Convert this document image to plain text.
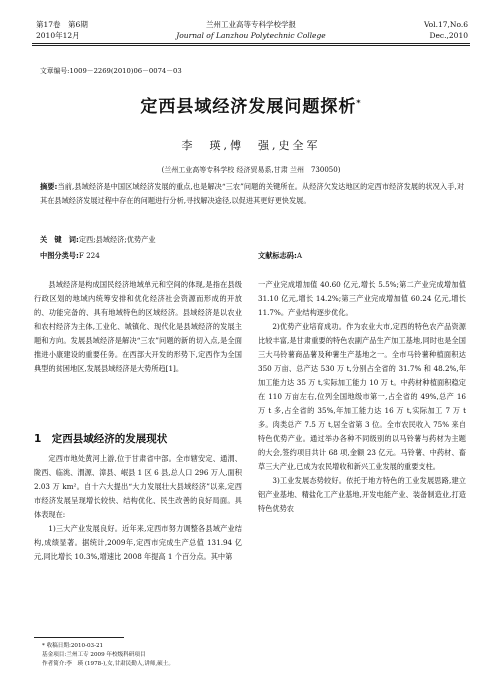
第17卷　第6期
2010年12月
兰州工业高等专科学校学报
Journal of Lanzhou Polytechnic College
Vol.17,No.6
Dec.,2010
文章编号:1009－2269(2010)06－0074－03
定西县域经济发展问题探析*
李　瑛,傅　强,史全军
(兰州工业高等专科学校 经济贸易系,甘肃 兰州　730050)
摘要:当前,县域经济是中国区域经济发展的重点,也是解决“三农”问题的关键所在。从经济欠发达地区的定西市经济发展的状况入手,对其在县域经济发展过程中存在的问题进行分析,寻找解决途径,以促进其更好更快发展。
关　键　词:定西;县域经济;优势产业
中图分类号:F 224	文献标志码:A

县域经济是构成国民经济地域单元和空间的体现,是指在县级行政区划的地域内统筹安排和优化经济社会资源而形成的开放的、功能完备的、具有地域特色的区域经济。县域经济是以农业和农村经济为主体,工业化、城镇化、现代化是县域经济的发展主题和方向。发展县域经济是解决“三农”问题的新的切入点,是全面推进小康建设的重要任务。在西部大开发的形势下,定西作为全国典型的贫困地区,发展县域经济是大势所趋[1]。

1　定西县域经济的发展现状

定西市地处黄河上游,位于甘肃省中部。全市辖安定、通渭、陇西、临洮、渭源、漳县、岷县 1 区 6 县,总人口 296 万人,面积 2.03 万 km²。自十六大提出“大力发展壮大县域经济”以来,定西市经济发展呈现增长较快、结构优化、民生改善的良好局面。具体表现在:

1)三大产业发展良好。近年来,定西市努力调整各县域产业结构,成绩显著。据统计,2009年,定西市完成生产总值 131.94 亿元,同比增长 10.3%,增速比 2008 年提高 1 个百分点。其中第

一产业完成增加值 40.60 亿元,增长 5.5%;第二产业完成增加值 31.10 亿元,增长 14.2%;第三产业完成增加值 60.24 亿元,增长 11.7%。产业结构逐步优化。

2)优势产业培育成功。作为农业大市,定西的特色农产品资源比较丰富,是甘肃重要的特色农副产品生产加工基地,同时也是全国三大马铃薯商品薯及种薯生产基地之一。全市马铃薯种植面积达 350 万亩、总产达 530 万 t,分别占全省的 31.7% 和 48.2%,年加工能力达 35 万 t,实际加工能力 10 万 t。中药材种植面积稳定在 110 万亩左右,位列全国地级市第一,占全省的 49%,总产 16 万 t 多,占全省的 35%,年加工能力达 16 万 t,实际加工 7 万 t 多。肉类总产 7.5 万 t,居全省第 3 位。全市农民收入 75% 来自特色优势产业。通过举办各种不同级别的以马铃薯与药材为主题的大会,签约项目共计 68 项,金额 23 亿元。马铃薯、中药材、畜草三大产业,已成为农民增收和新兴工业发展的重要支柱。

3)工业发展态势较好。依托于地方特色的工业发展思路,建立铝产业基地、精盐化工产业基地,开发电能产业、装备制造业,打造特色优势农

* 收稿日期:2010-03-21
基金项目:兰州工专 2009 年校级科研项目
作者简介:李　瑛 (1978-),女,甘肃民勤人,讲师,硕士。
